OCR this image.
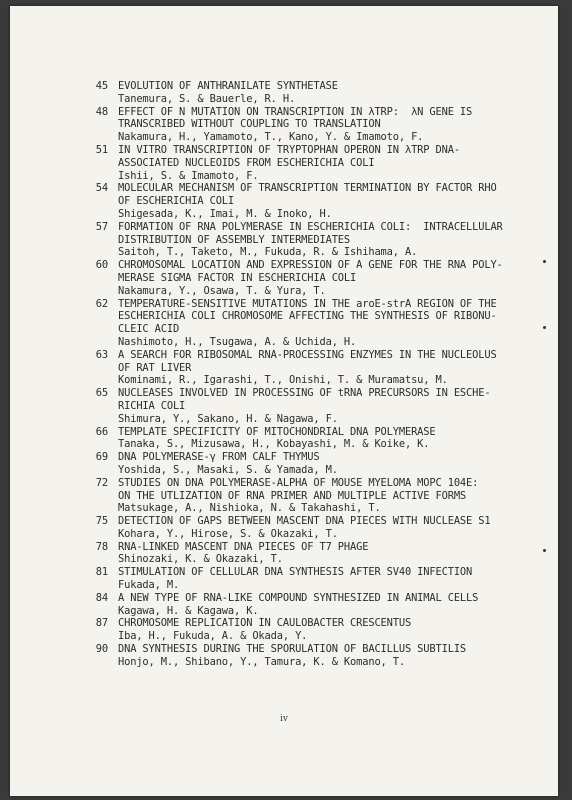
45 EVOLUTION OF ANTHRANILATE SYNTHETASE
Tanemura, S. & Bauerle, R. H.
48 EFFECT OF N MUTATION ON TRANSCRIPTION IN λTRP:  λN GENE IS
TRANSCRIBED WITHOUT COUPLING TO TRANSLATION
Nakamura, H., Yamamoto, T., Kano, Y. & Imamoto, F.
51 IN VITRO TRANSCRIPTION OF TRYPTOPHAN OPERON IN λTRP DNA-
ASSOCIATED NUCLEOIDS FROM ESCHERICHIA COLI
Ishii, S. & Imamoto, F.
54 MOLECULAR MECHANISM OF TRANSCRIPTION TERMINATION BY FACTOR RHO
OF ESCHERICHIA COLI
Shigesada, K., Imai, M. & Inoko, H.
57 FORMATION OF RNA POLYMERASE IN ESCHERICHIA COLI:  INTRACELLULAR
DISTRIBUTION OF ASSEMBLY INTERMEDIATES
Saitoh, T., Taketo, M., Fukuda, R. & Ishihama, A.
60 CHROMOSOMAL LOCATION AND EXPRESSION OF A GENE FOR THE RNA POLY-
MERASE SIGMA FACTOR IN ESCHERICHIA COLI
Nakamura, Y., Osawa, T. & Yura, T.
62 TEMPERATURE-SENSITIVE MUTATIONS IN THE aroE-strA REGION OF THE
ESCHERICHIA COLI CHROMOSOME AFFECTING THE SYNTHESIS OF RIBONU-
CLEIC ACID
Nashimoto, H., Tsugawa, A. & Uchida, H.
63 A SEARCH FOR RIBOSOMAL RNA-PROCESSING ENZYMES IN THE NUCLEOLUS
OF RAT LIVER
Kominami, R., Igarashi, T., Onishi, T. & Muramatsu, M.
65 NUCLEASES INVOLVED IN PROCESSING OF tRNA PRECURSORS IN ESCHE-
RICHIA COLI
Shimura, Y., Sakano, H. & Nagawa, F.
66 TEMPLATE SPECIFICITY OF MITOCHONDRIAL DNA POLYMERASE
Tanaka, S., Mizusawa, H., Kobayashi, M. & Koike, K.
69 DNA POLYMERASE-γ FROM CALF THYMUS
Yoshida, S., Masaki, S. & Yamada, M.
72 STUDIES ON DNA POLYMERASE-ALPHA OF MOUSE MYELOMA MOPC 104E:
ON THE UTLIZATION OF RNA PRIMER AND MULTIPLE ACTIVE FORMS
Matsukage, A., Nishioka, N. & Takahashi, T.
75 DETECTION OF GAPS BETWEEN MASCENT DNA PIECES WITH NUCLEASE S1
Kohara, Y., Hirose, S. & Okazaki, T.
78 RNA-LINKED MASCENT DNA PIECES OF T7 PHAGE
Shinozaki, K. & Okazaki, T.
81 STIMULATION OF CELLULAR DNA SYNTHESIS AFTER SV40 INFECTION
Fukada, M.
84 A NEW TYPE OF RNA-LIKE COMPOUND SYNTHESIZED IN ANIMAL CELLS
Kagawa, H. & Kagawa, K.
87 CHROMOSOME REPLICATION IN CAULOBACTER CRESCENTUS
Iba, H., Fukuda, A. & Okada, Y.
90 DNA SYNTHESIS DURING THE SPORULATION OF BACILLUS SUBTILIS
Honjo, M., Shibano, Y., Tamura, K. & Komano, T.
iv
